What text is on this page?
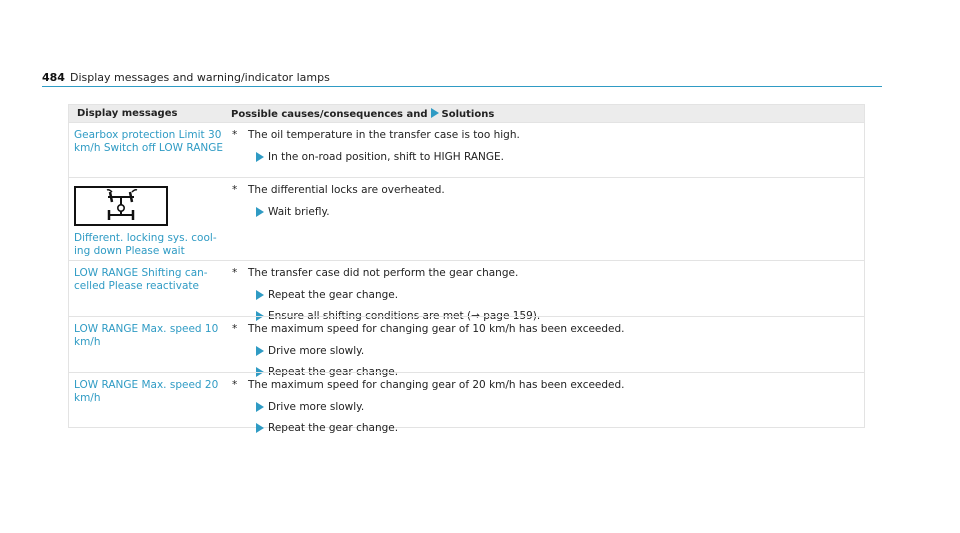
484 Display messages and warning/indicator lamps
Display messages	Possible causes/consequences and Solutions
Gearbox protection Limit 30 km/h Switch off LOW RANGE
* The oil temperature in the transfer case is too high.
In the on-road position, shift to HIGH RANGE.
Different. locking sys. cool-ing down Please wait
* The differential locks are overheated.
Wait briefly.
LOW RANGE Shifting can-celled Please reactivate
* The transfer case did not perform the gear change.
Repeat the gear change.
Ensure all shifting conditions are met (→ page 159).
LOW RANGE Max. speed 10 km/h
* The maximum speed for changing gear of 10 km/h has been exceeded.
Drive more slowly.
Repeat the gear change.
LOW RANGE Max. speed 20 km/h
* The maximum speed for changing gear of 20 km/h has been exceeded.
Drive more slowly.
Repeat the gear change.
